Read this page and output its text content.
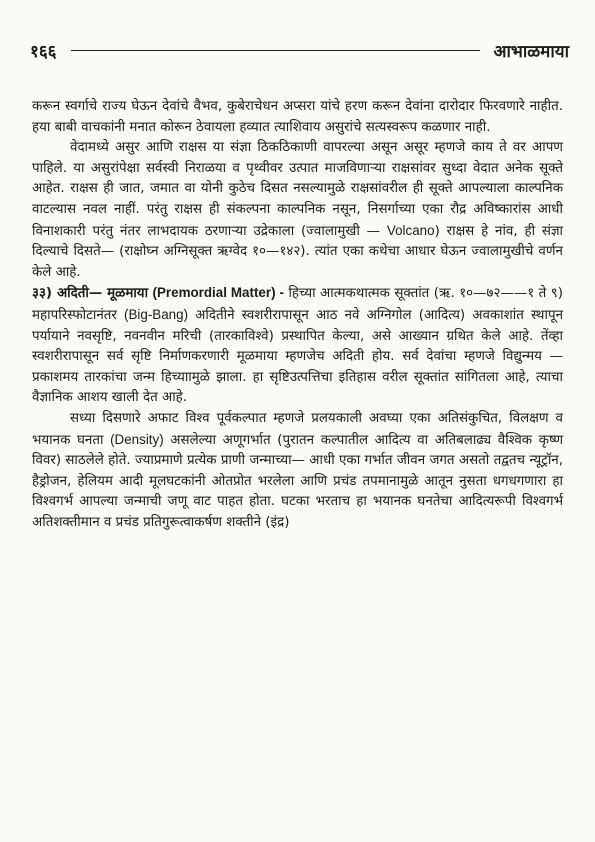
१६६	आभाळमाया

करून स्वर्गाचे राज्य घेऊन देवांचे वैभव, कुबेराचेधन अप्सरा यांचे हरण करून देवांना दारोदार फिरवणारे नाहीत. हया बाबी वाचकांनी मनात कोरून ठेवायला हव्यात त्याशिवाय असुरांचे सत्यस्वरूप कळणार नाही.

वेदामध्ये असुर आणि राक्षस या संज्ञा ठिकठिकाणी वापरल्या असून असूर म्हणजे काय ते वर आपण पाहिले. या असुरांपेक्षा सर्वस्वी निराळया व पृथ्वीवर उत्पात माजविणाऱ्या राक्षसांवर सुध्दा वेदात अनेक सूक्ते आहेत. राक्षस ही जात, जमात वा योनी कुठेच दिसत नसल्यामुळे राक्षसांवरील ही सूक्ते आपल्याला काल्पनिक वाटल्यास नवल नाहीं. परंतु राक्षस ही संकल्पना काल्पनिक नसून, निसर्गाच्या एका रौद्र अविष्कारांस आधी विनाशकारी परंतु नंतर लाभदायक ठरणाऱ्या उद्रेकाला (ज्वालामुखी — Volcano) राक्षस हे नांव, ही संज्ञा दिल्याचे दिसते— (राक्षोघ्न अग्निसूक्त ऋग्वेद १०—१४२). त्यांत एका कथेचा आधार घेऊन ज्वालामुखीचे वर्णन केले आहे.

३३) अदिती— मूळमाया (Premordial Matter) - हिच्या आत्मकथात्मक सूक्तांत (ऋ. १०—७२——१ ते ९) महापरिस्फोटानंतर (Big-Bang) अदितीने स्वशरीरापासून आठ नवे अग्निगोल (आदित्य) अवकाशांत स्थापून पर्यायाने नवसृष्टि, नवनवीन मरिची (तारकाविश्वे) प्रस्थापित केल्या, असे आख्यान ग्रथित केले आहे. तेंव्हा स्वशरीरापासून सर्व सृष्टि निर्माणकरणारी मूळमाया म्हणजेच अदिती होय. सर्व देवांचा म्हणजे विद्युन्मय — प्रकाशमय तारकांचा जन्म हिच्याामुळे झाला. हा सृष्टिउत्पत्तिचा इतिहास वरील सूक्तांत सांगितला आहे, त्याचा वैज्ञानिक आशय खाली देत आहे.

सध्या दिसणारे अफाट विश्व पूर्वकल्पात म्हणजे प्रलयकाली अवघ्या एका अतिसंकुचित, विलक्षण व भयानक घनता (Density) असलेल्या अणूगर्भात (पुरातन कल्पातील आदित्य वा अतिबलाढ्य वैश्विक कृष्ण विवर) साठलेले होते. ज्याप्रमाणे प्रत्येक प्राणी जन्माच्या— आधी एका गर्भात जीवन जगत असतो तद्वतच न्यूट्रॉन, हैड्रोजन, हेलियम आदी मूलघटकांनी ओतप्रोत भरलेला आणि प्रचंड तपमानामुळे आतून नुसता धगधगणारा हा विश्वगर्भ आपल्या जन्माची जणू वाट पाहत होता. घटका भरताच हा भयानक घनतेचा आदित्यरूपी विश्वगर्भ अतिशक्तीमान व प्रचंड प्रतिगुरूत्वाकर्षण शक्तीने (इंद्र)
